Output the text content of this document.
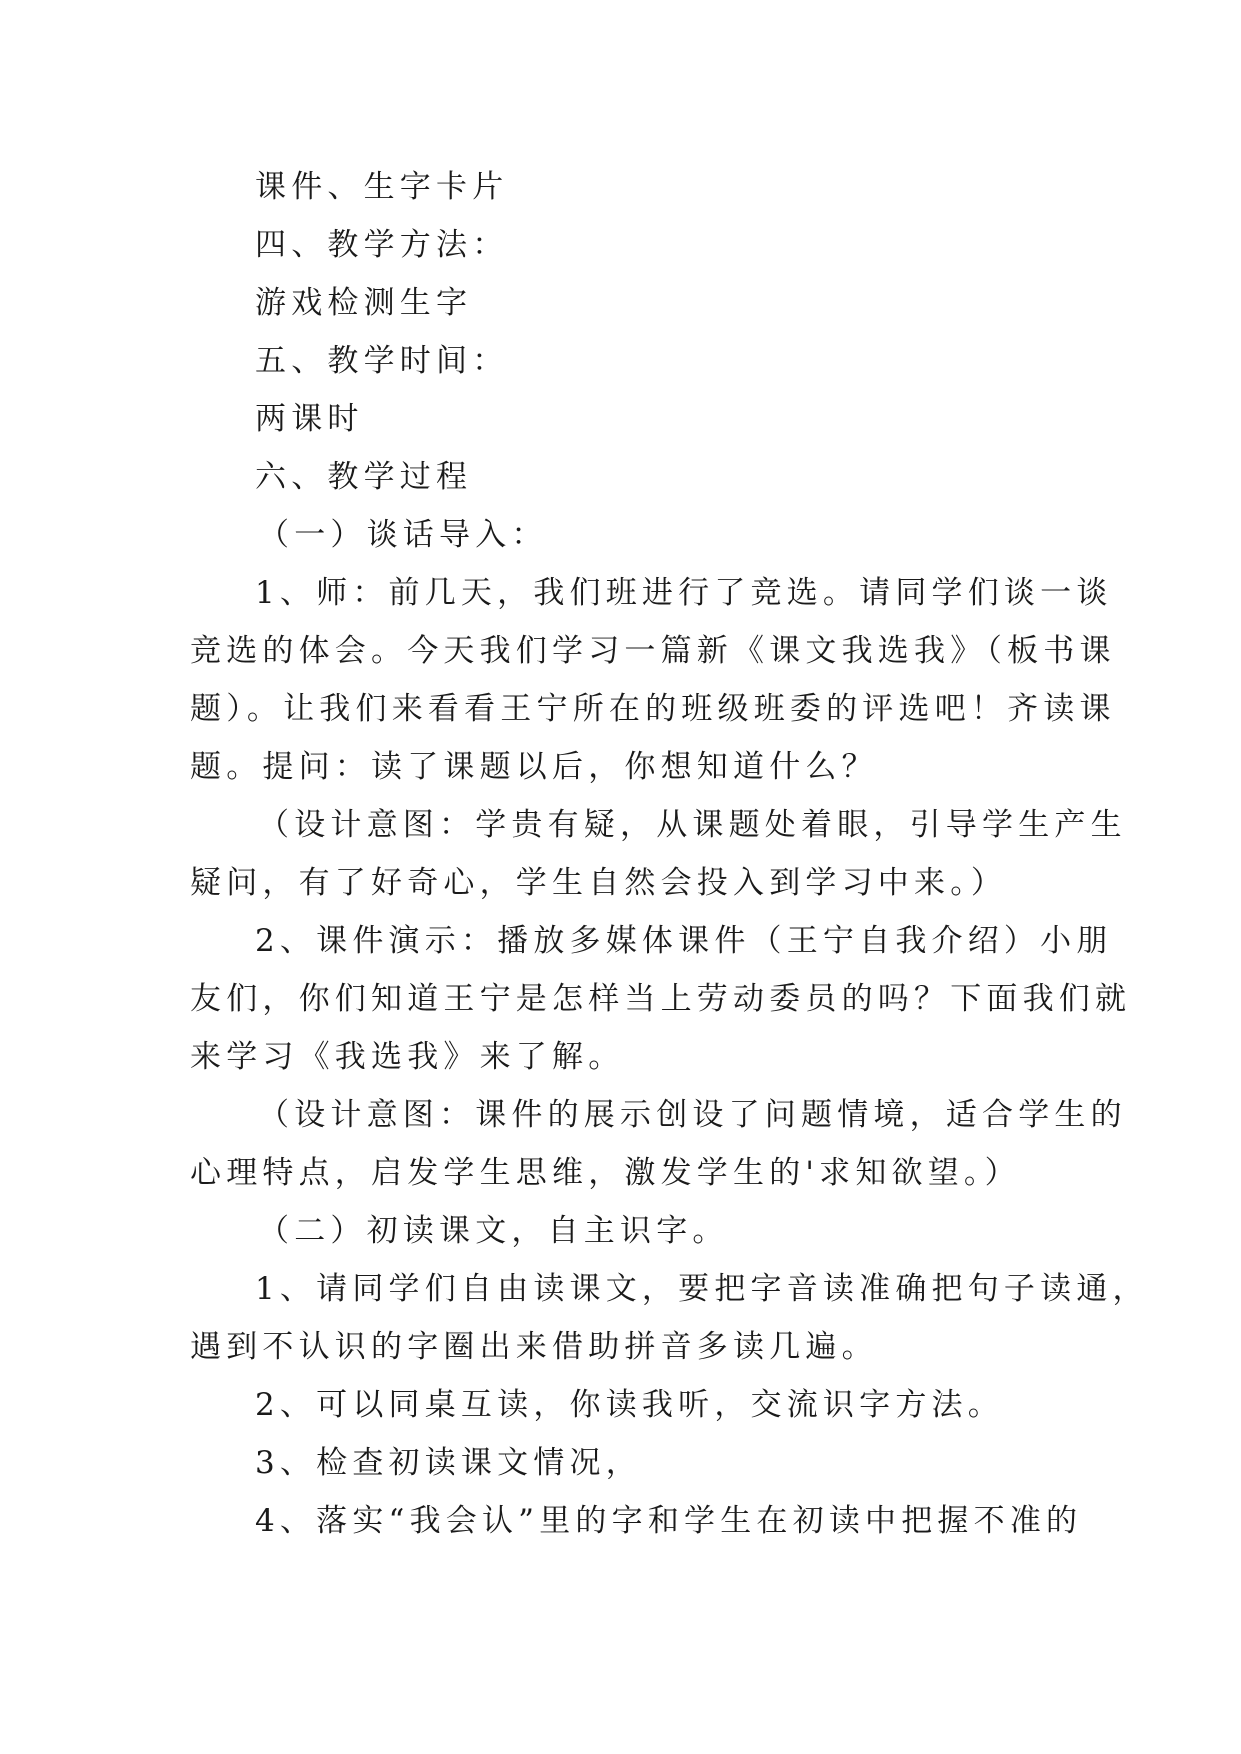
课件、生字卡片
四、教学方法：
游戏检测生字
五、教学时间：
两课时
六、教学过程
（一）谈话导入：
1、师：前几天，我们班进行了竞选。请同学们谈一谈
竞选的体会。今天我们学习一篇新《课文我选我》（板书课
题）。让我们来看看王宁所在的班级班委的评选吧！齐读课
题。提问：读了课题以后，你想知道什么？
（设计意图：学贵有疑，从课题处着眼，引导学生产生
疑问，有了好奇心，学生自然会投入到学习中来。）
2、课件演示：播放多媒体课件（王宁自我介绍）小朋
友们，你们知道王宁是怎样当上劳动委员的吗？下面我们就
来学习《我选我》来了解。
（设计意图：课件的展示创设了问题情境，适合学生的
心理特点，启发学生思维，激发学生的'求知欲望。）
（二）初读课文，自主识字。
1、请同学们自由读课文，要把字音读准确把句子读通，
遇到不认识的字圈出来借助拼音多读几遍。
2、可以同桌互读，你读我听，交流识字方法。
3、检查初读课文情况，
4、落实“我会认”里的字和学生在初读中把握不准的
